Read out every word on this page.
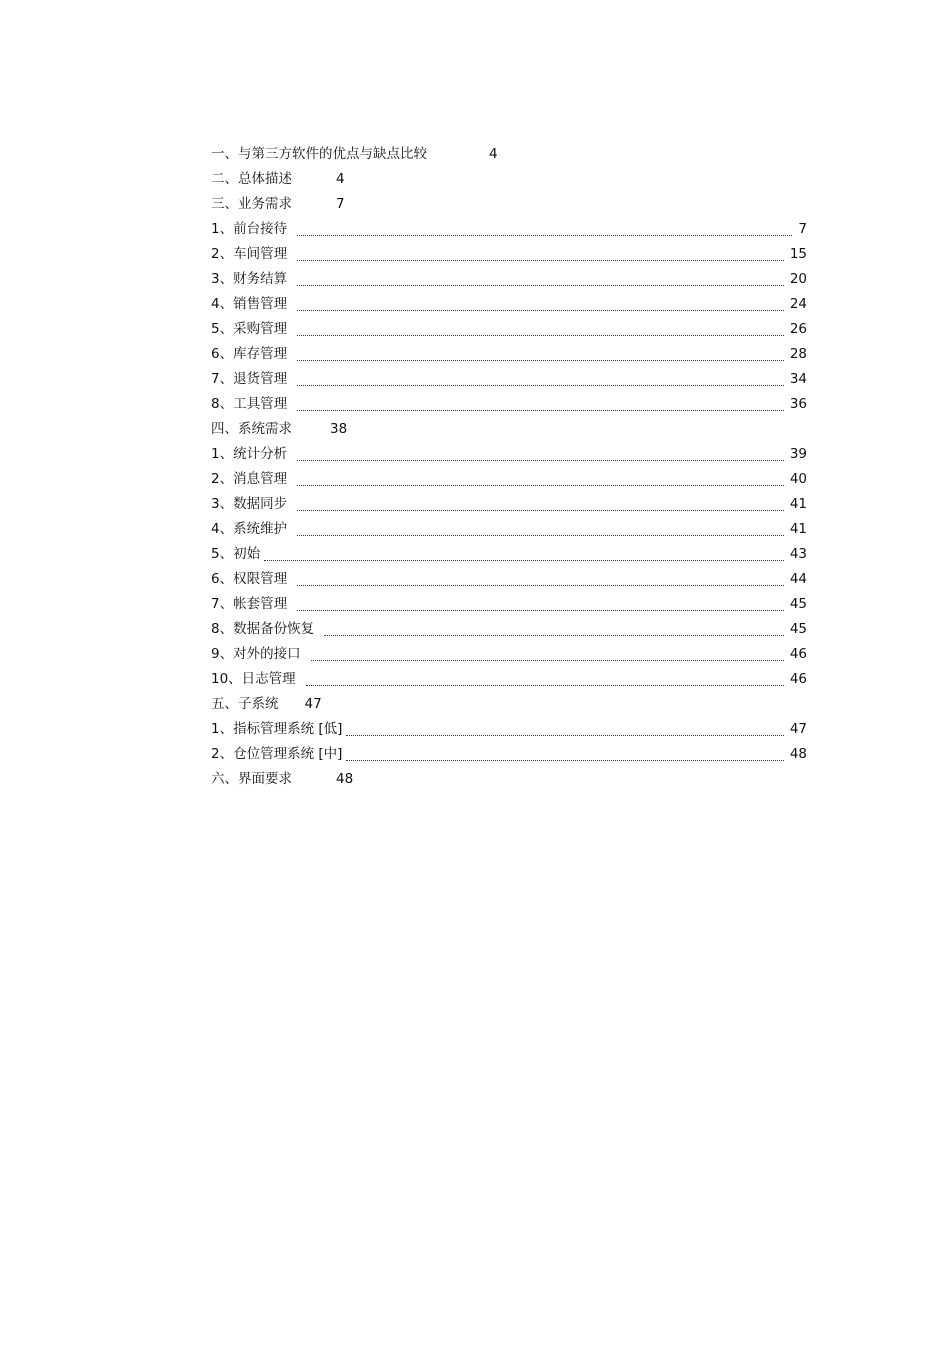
一、与第三方软件的优点与缺点比较	4
二、总体描述	4
三、业务需求	7
1、前台接待	7
2、车间管理	15
3、财务结算	20
4、销售管理	24
5、采购管理	26
6、库存管理	28
7、退货管理	34
8、工具管理	36
四、系统需求	38
1、统计分析	39
2、消息管理	40
3、数据同步	41
4、系统维护	41
5、初始	43
6、权限管理	44
7、帐套管理	45
8、数据备份恢复	45
9、对外的接口	46
10、日志管理	46
五、子系统 47
1、指标管理系统 [低]	47
2、仓位管理系统 [中]	48
六、界面要求	48
